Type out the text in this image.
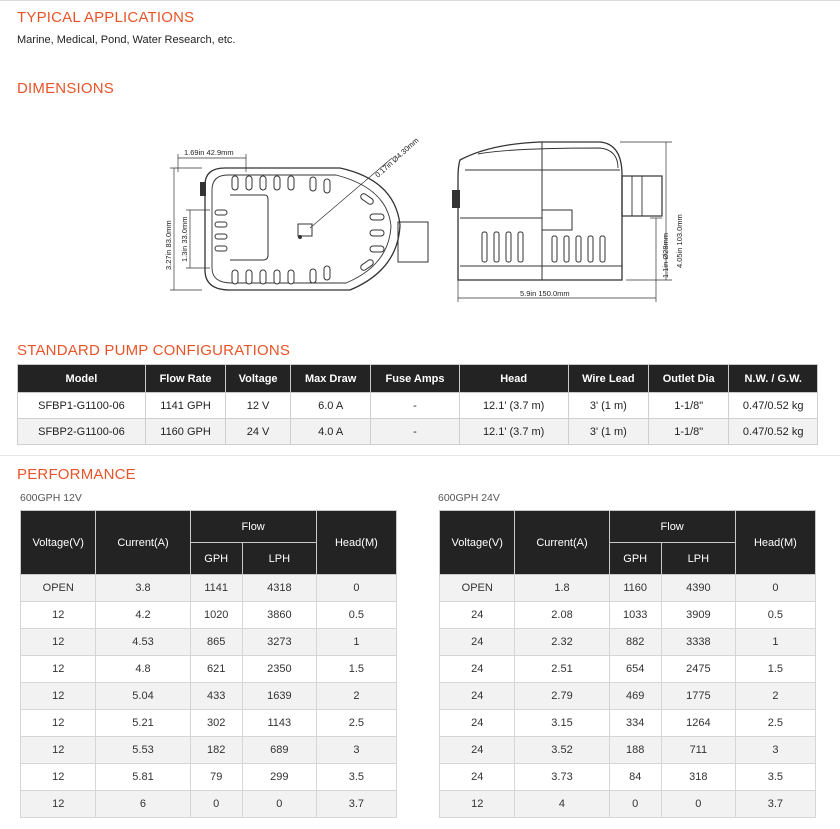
TYPICAL APPLICATIONS
Marine, Medical, Pond, Water Research, etc.
DIMENSIONS
1.69in 42.9mm
3.27in 83.0mm 1.3in 33.0mm
0.17in Ø4.30mm
5.9in 150.0mm
4.05in 103.0mm
1.1in Ø28mm
STANDARD PUMP CONFIGURATIONS
Model	Flow Rate	Voltage	Max Draw	Fuse Amps	Head	Wire Lead	Outlet Dia	N.W. / G.W.
SFBP1-G1100-06	1141 GPH	12 V	6.0 A	-	12.1' (3.7 m)	3' (1 m)	1-1/8"	0.47/0.52 kg
SFBP2-G1100-06	1160 GPH	24 V	4.0 A	-	12.1' (3.7 m)	3' (1 m)	1-1/8"	0.47/0.52 kg
PERFORMANCE
600GPH 12V	600GPH 24V
Voltage(V)	Current(A)	Flow		Head(M)
		GPH	LPH	
OPEN	3.8	1141	4318	0
12	4.2	1020	3860	0.5
12	4.53	865	3273	1
12	4.8	621	2350	1.5
12	5.04	433	1639	2
12	5.21	302	1143	2.5
12	5.53	182	689	3
12	5.81	79	299	3.5
12	6	0	0	3.7
Voltage(V)	Current(A)	Flow		Head(M)
		GPH	LPH	
OPEN	1.8	1160	4390	0
24	2.08	1033	3909	0.5
24	2.32	882	3338	1
24	2.51	654	2475	1.5
24	2.79	469	1775	2
24	3.15	334	1264	2.5
24	3.52	188	711	3
24	3.73	84	318	3.5
12	4	0	0	3.7
